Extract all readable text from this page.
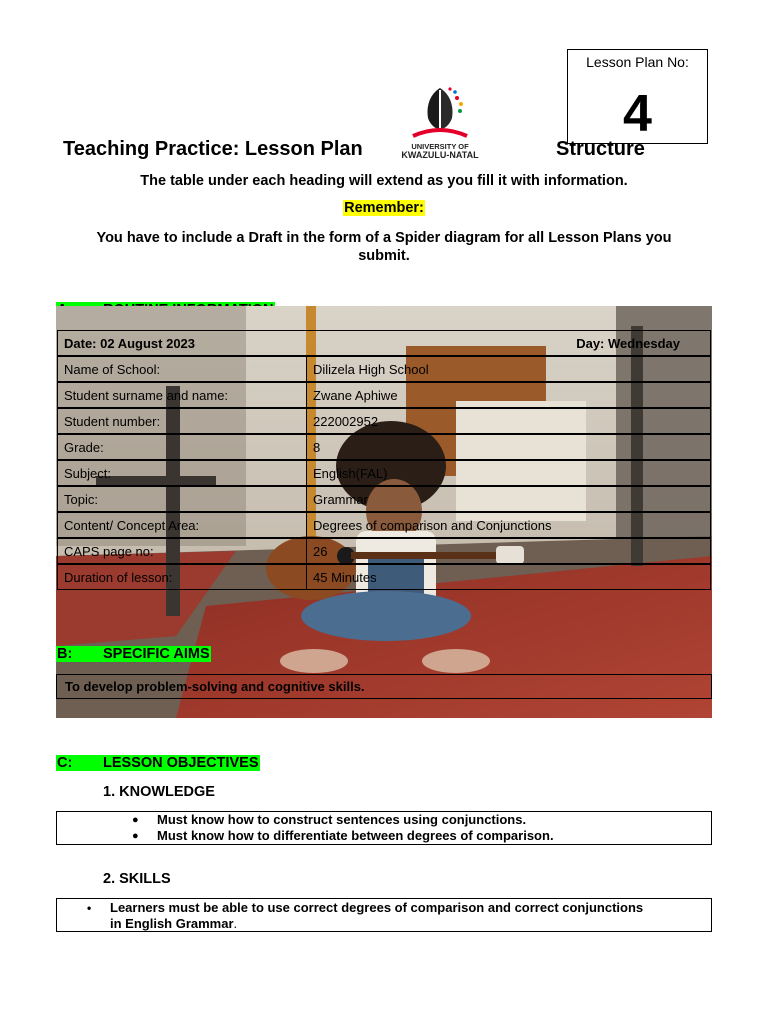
Lesson Plan No:
4
UNIVERSITY OF
KWAZULU-NATAL
Teaching Practice: Lesson Plan	Structure
The table under each heading will extend as you fill it with information.
Remember:
You have to include a Draft in the form of a Spider diagram for all Lesson Plans you submit.
Date: 02 August 2023	Day: Wednesday
Name of School:	Dilizela High School
Student surname and name:	Zwane Aphiwe
Student number:	222002952
Grade:	8
Subject:	English(FAL)
Topic:	Grammar
Content/ Concept Area:	Degrees of comparison and Conjunctions
CAPS page no:	26
Duration of lesson:	45 Minutes
B: SPECIFIC AIMS
To develop problem-solving and cognitive skills.
C: LESSON OBJECTIVES
1. KNOWLEDGE
● Must know how to construct sentences using conjunctions.
● Must know how to differentiate between degrees of comparison.
2. SKILLS
• Learners must be able to use correct degrees of comparison and correct conjunctions
in English Grammar.
